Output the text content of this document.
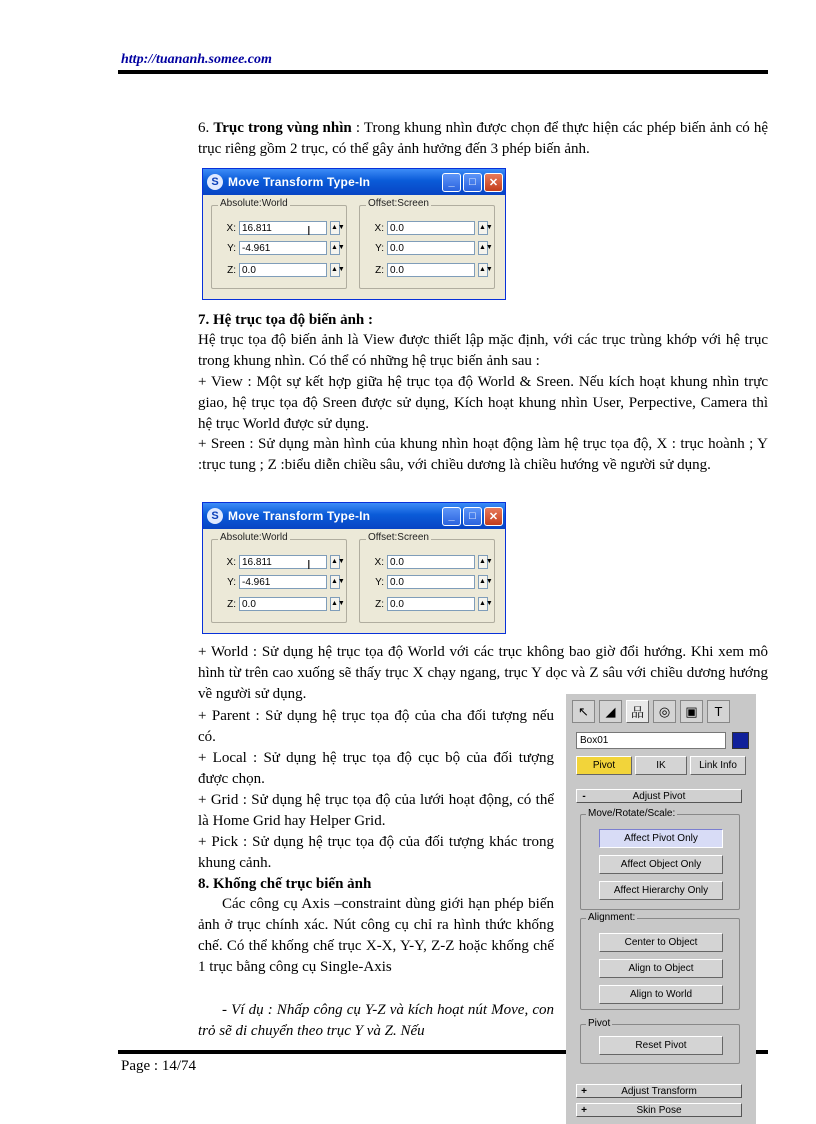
http://tuananh.somee.com
6. Trục trong vùng nhìn : Trong khung nhìn được chọn để thực hiện các phép biến ảnh có hệ trục riêng gồm 2 trục, có thể gây ảnh hưởng đến 3 phép biến ảnh.
S Move Transform Type-In	_	□	✕
Absolute:World
X: 16.811	▲▼
Y: -4.961	▲▼
Z: 0.0	▲▼
Offset:Screen
X: 0.0	▲▼
Y: 0.0	▲▼
Z: 0.0	▲▼
I
7. Hệ trục tọa độ biến ảnh :
Hệ trục tọa độ biến ảnh là View được thiết lập mặc định, với các trục trùng khớp với hệ trục trong khung nhìn. Có thể có những hệ trục biến ảnh sau :
+ View : Một sự kết hợp giữa hệ trục tọa độ World & Sreen. Nếu kích hoạt khung nhìn trực giao, hệ trục tọa độ Sreen được sử dụng, Kích hoạt khung nhìn User, Perpective, Camera thì hệ trục World được sử dụng.
+ Sreen : Sử dụng màn hình của khung nhìn hoạt động làm hệ trục tọa độ, X : trục hoành ; Y :trục tung ; Z :biểu diễn chiều sâu, với chiều dương là chiều hướng về người sử dụng.
S Move Transform Type-In	_	□	✕
Absolute:World
X: 16.811	▲▼
Y: -4.961	▲▼
Z: 0.0	▲▼
Offset:Screen
X: 0.0	▲▼
Y: 0.0	▲▼
Z: 0.0	▲▼
I
+ World : Sử dụng hệ trục tọa độ World với các trục không bao giờ đổi hướng. Khi xem mô hình từ trên cao xuống sẽ thấy trục X chạy ngang, trục Y dọc và Z sâu với chiều dương hướng về người sử dụng.
+ Parent : Sử dụng hệ trục tọa độ của cha đối tượng nếu có.
+ Local : Sử dụng hệ trục tọa độ cục bộ của đối tượng được chọn.
+ Grid : Sử dụng hệ trục tọa độ của lưới hoạt động, có thể là Home Grid hay Helper Grid.
+ Pick : Sử dụng hệ trục tọa độ của đối tượng khác trong khung cảnh.
8. Khống chế trục biến ảnh
Các công cụ Axis –constraint dùng giới hạn phép biến ảnh ở trục chính xác. Nút công cụ chỉ ra hình thức khống chế. Có thể khống chế trục X-X, Y-Y, Z-Z hoặc khống chế 1 trục bằng công cụ Single-Axis
- Ví dụ : Nhấp công cụ Y-Z và kích hoạt nút Move, con trỏ sẽ di chuyển theo trục Y và Z. Nếu
Page : 14/74
↖	◢	品	◎	▣	T
Box01
Pivot	IK	Link Info
-	Adjust Pivot
Move/Rotate/Scale:
Affect Pivot Only
Affect Object Only
Affect Hierarchy Only
Alignment:
Center to Object
Align to Object
Align to World
Pivot
Reset Pivot
+	Adjust Transform
+	Skin Pose
